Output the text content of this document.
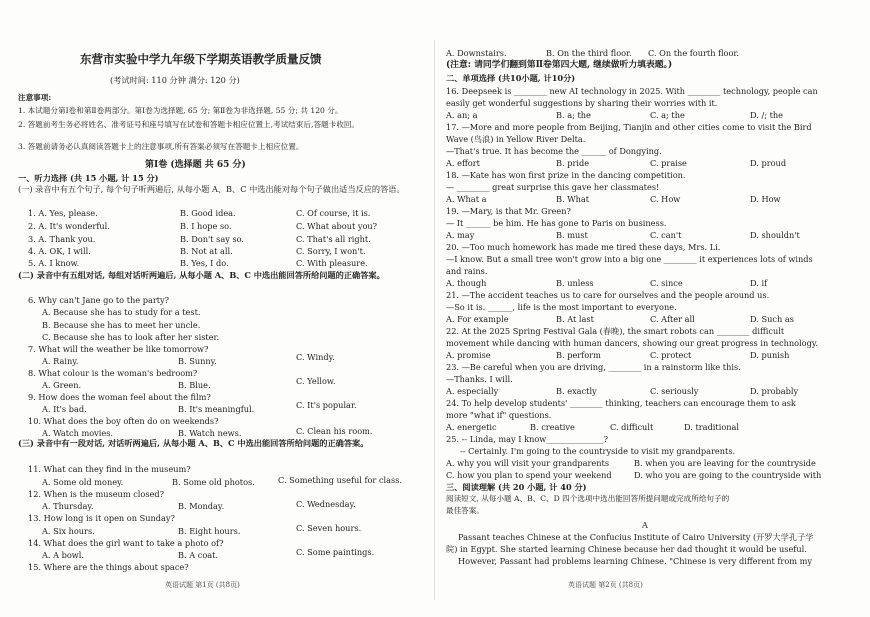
东营市实验中学九年级下学期英语教学质量反馈
(考试时间: 110 分钟 满分: 120 分)
注意事项:
1. 本试题分第Ⅰ卷和第Ⅱ卷两部分。第Ⅰ卷为选择题, 65 分; 第Ⅱ卷为非选择题, 55 分; 共 120 分。
2. 答题前考生务必将姓名、准考证号和座号填写在试卷和答题卡相应位置上,考试结束后,答题卡收回。
3. 答题前请务必认真阅读答题卡上的注意事项,所有答案必须写在答题卡上相应位置。
第Ⅰ卷 (选择题 共 65 分)
一、听力选择 (共 15 小题, 计 15 分)
(一) 录音中有五个句子, 每个句子听两遍后, 从每小题 A、B、C 中选出能对每个句子做出适当反应的答语。
1. A. Yes, please.	B. Good idea.	C. Of course, it is.
2. A. It's wonderful.	B. I hope so.	C. What about you?
3. A. Thank you.	B. Don't say so.	C. That's all right.
4. A. OK, I will.	B. Not at all.	C. Sorry, I won't.
5. A. I know.	B. Yes, I do.	C. With pleasure.
(二) 录音中有五组对话, 每组对话听两遍后, 从每小题 A、B、C 中选出能回答所给问题的正确答案。
6. Why can't Jane go to the party?
A. Because she has to study for a test.
B. Because she has to meet her uncle.
C. Because she has to look after her sister.
7. What will the weather be like tomorrow?
A. Rainy.	B. Sunny.	C. Windy.
8. What colour is the woman's bedroom?
A. Green.	B. Blue.	C. Yellow.
9. How does the woman feel about the film?
A. It's bad.	B. It's meaningful.	C. It's popular.
10. What does the boy often do on weekends?
A. Watch movies.	B. Watch news.	C. Clean his room.
(三) 录音中有一段对话, 对话听两遍后, 从每小题 A、B、C 中选出能回答所给问题的正确答案。
11. What can they find in the museum?
A. Some old money.	B. Some old photos.	C. Something useful for class.
12. When is the museum closed?
A. Thursday.	B. Monday.	C. Wednesday.
13. How long is it open on Sunday?
A. Six hours.	B. Eight hours.	C. Seven hours.
14. What does the girl want to take a photo of?
A. A bowl.	B. A coat.	C. Some paintings.
15. Where are the things about space?
英语试题 第1页 (共8页)
A. Downstairs.	B. On the third floor. C. On the fourth floor.
(注意: 请同学们翻到第Ⅱ卷第四大题, 继续做听力填表题。)
二、单项选择 (共10小题, 计10分)
16. Deepseek is ________ new AI technology in 2025. With ________ technology, people can
easily get wonderful suggestions by sharing their worries with it.
A. an; a	B. a; the	C. a; the	D. /; the
17. —More and more people from Beijing, Tianjin and other cities come to visit the Bird
Wave (鸟浪) in Yellow River Delta.
—That's true. It has become the ______ of Dongying.
A. effort	B. pride	C. praise	D. proud
18. —Kate has won first prize in the dancing competition.
— ________ great surprise this gave her classmates!
A. What a	B. What	C. How	D. How
19. —Mary, is that Mr. Green?
— It ______ be him. He has gone to Paris on business.
A. may	B. must	C. can't	D. shouldn't
20. —Too much homework has made me tired these days, Mrs. Li.
—I know. But a small tree won't grow into a big one ________ it experiences lots of winds
and rains.
A. though	B. unless	C. since	D. if
21. —The accident teaches us to care for ourselves and the people around us.
—So it is. ______, life is the most important to everyone.
A. For example	B. At last	C. After all	D. Such as
22. At the 2025 Spring Festival Gala (春晚), the smart robots can ________ difficult
movement while dancing with human dancers, showing our great progress in technology.
A. promise	B. perform	C. protect	D. punish
23. —Be careful when you are driving, ________ in a rainstorm like this.
—Thanks. I will.
A. especially	B. exactly	C. seriously	D. probably
24. To help develop students' ________ thinking, teachers can encourage them to ask
more "what if" questions.
A. energetic	B. creative	C. difficult	D. traditional
25. -- Linda, may I know______________?
-- Certainly. I'm going to the countryside to visit my grandparents.
A. why you will visit your grandparents	B. when you are leaving for the countryside
C. how you plan to spend your weekend	D. who you are going to the countryside with
三、阅读理解 (共 20 小题, 计 40 分)
阅读短文, 从每小题 A、B、C、D 四个选项中选出能回答所提问题或完成所给句子的
最佳答案。
A
Passant teaches Chinese at the Confucius Institute of Cairo University (开罗大学孔子学
院) in Egypt. She started learning Chinese because her dad thought it would be useful.
However, Passant had problems learning Chinese. "Chinese is very different from my
英语试题 第2页 (共8页)
